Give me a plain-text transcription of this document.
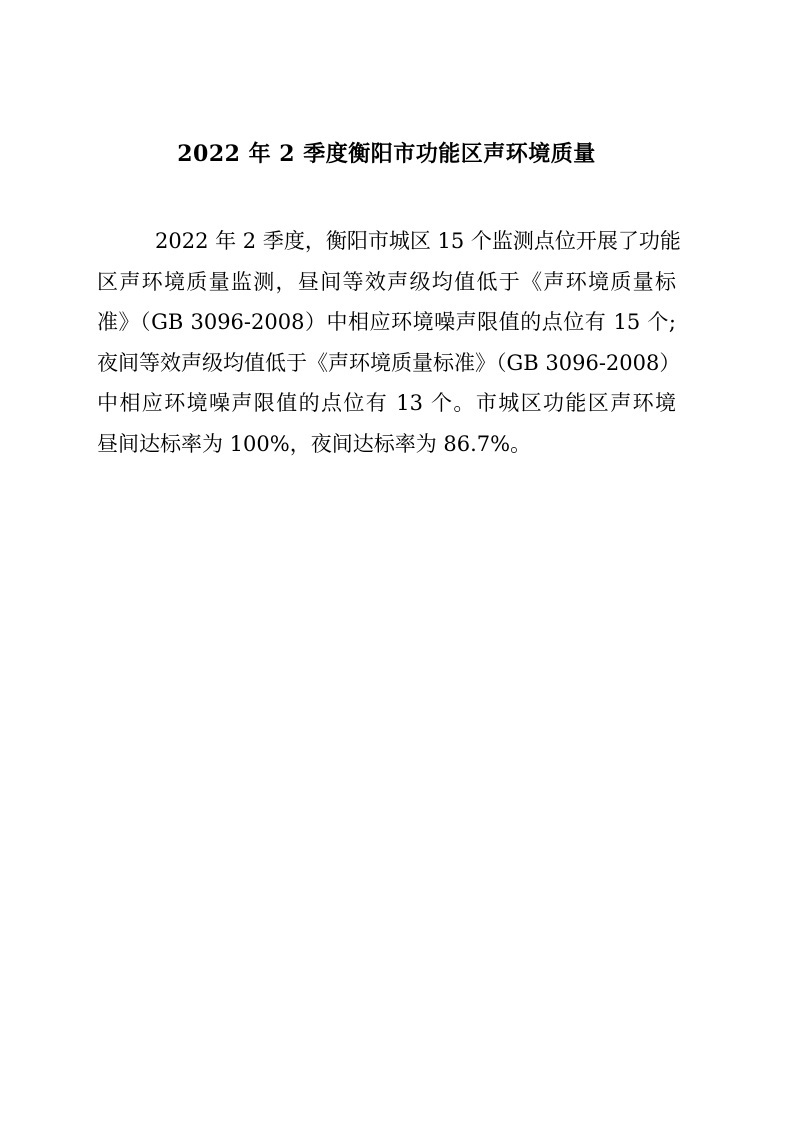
2022 年 2 季度衡阳市功能区声环境质量
2022 年 2 季度，衡阳市城区 15 个监测点位开展了功能
区声环境质量监测，昼间等效声级均值低于《声环境质量标
准》（GB 3096-2008）中相应环境噪声限值的点位有 15 个;
夜间等效声级均值低于《声环境质量标准》（GB 3096-2008）
中相应环境噪声限值的点位有 13 个。市城区功能区声环境
昼间达标率为 100%，夜间达标率为 86.7%。
